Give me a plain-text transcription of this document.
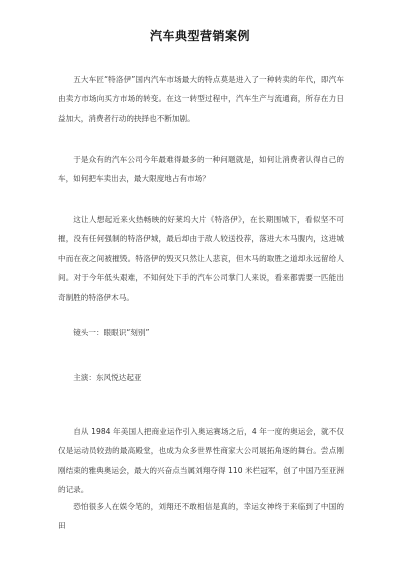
汽车典型营销案例

五大车匠“特洛伊”国内汽车市场最大的特点莫是进入了一种转卖的年代，即汽车由卖方市场向买方市场的转变。在这一转型过程中，汽车生产与流通商，所存在力日益加大，消费者行动的抉择也不断加剧。

于是众有的汽车公司今年最难得最多的一种问题就是，如何让消费者认得自己的车，如何把车卖出去，最大限度地占有市场？

这让人想起近来火热畅映的好莱坞大片《特洛伊》，在长期围城下，看似坚不可摧，没有任何强制的特洛伊城，最后却由于敌人较送投荐，落进大木马腹内，这进城中而在夜之间被摧毁。特洛伊的毁灭只然让人悲哀，但木马的取胜之道却永远留给人间。对于今年低头艰难，不知何处下手的汽车公司掌门人来说，看来都需要一匹能出奇制胜的特洛伊木马。

镜头一：眼眼识“刻别”

主演：东风悦达起亚

自从 1984 年美国人把商业运作引入奥运赛场之后，4 年一度的奥运会，就不仅仅是运动员较劲的最高殿堂，也成为众多世界性商家大公司展拓角逐的舞台。尝点刚刚结束的雅典奥运会，最大的兴奋点当属刘翔夺得 110 米栏冠军，创了中国乃至亚洲的记录。

恐怕很多人在娱令笔的，刘翔还不敢相信是真的，幸运女神终于来临到了中国的田
